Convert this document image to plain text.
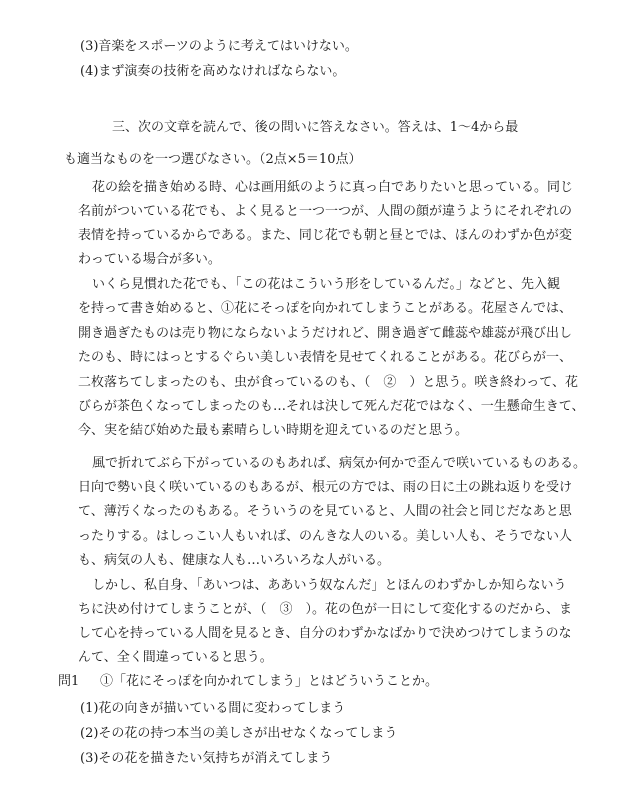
(3)音楽をスポーツのように考えてはいけない。
(4)まず演奏の技術を高めなければならない。
三、次の文章を読んで、後の問いに答えなさい。答えは、1〜4から最
も適当なものを一つ選びなさい。（2点×5＝10点）
花の絵を描き始める時、心は画用紙のように真っ白でありたいと思っている。同じ
名前がついている花でも、よく見ると一つ一つが、人間の顔が違うようにそれぞれの
表情を持っているからである。また、同じ花でも朝と昼とでは、ほんのわずか色が変
わっている場合が多い。
いくら見慣れた花でも、「この花はこういう形をしているんだ。」などと、先入観
を持って書き始めると、①花にそっぽを向かれてしまうことがある。花屋さんでは、
開き過ぎたものは売り物にならないようだけれど、開き過ぎて雌蕊や雄蕊が飛び出し
たのも、時にはっとするぐらい美しい表情を見せてくれることがある。花びらが一、
二枚落ちてしまったのも、虫が食っているのも、（　②　）と思う。咲き終わって、花
びらが茶色くなってしまったのも…それは決して死んだ花ではなく、一生懸命生きて、
今、実を結び始めた最も素晴らしい時期を迎えているのだと思う。
風で折れてぶら下がっているのもあれば、病気か何かで歪んで咲いているものある。
日向で勢い良く咲いているのもあるが、根元の方では、雨の日に土の跳ね返りを受け
て、薄汚くなったのもある。そういうのを見ていると、人間の社会と同じだなあと思
ったりする。はしっこい人もいれば、のんきな人のいる。美しい人も、そうでない人
も、病気の人も、健康な人も…いろいろな人がいる。
しかし、私自身、「あいつは、ああいう奴なんだ」とほんのわずかしか知らないう
ちに決め付けてしまうことが、（　③　）。花の色が一日にして変化するのだから、ま
して心を持っている人間を見るとき、自分のわずかなばかりで決めつけてしまうのな
んて、全く間違っていると思う。
問1 ①「花にそっぽを向かれてしまう」とはどういうことか。
(1)花の向きが描いている間に変わってしまう
(2)その花の持つ本当の美しさが出せなくなってしまう
(3)その花を描きたい気持ちが消えてしまう
